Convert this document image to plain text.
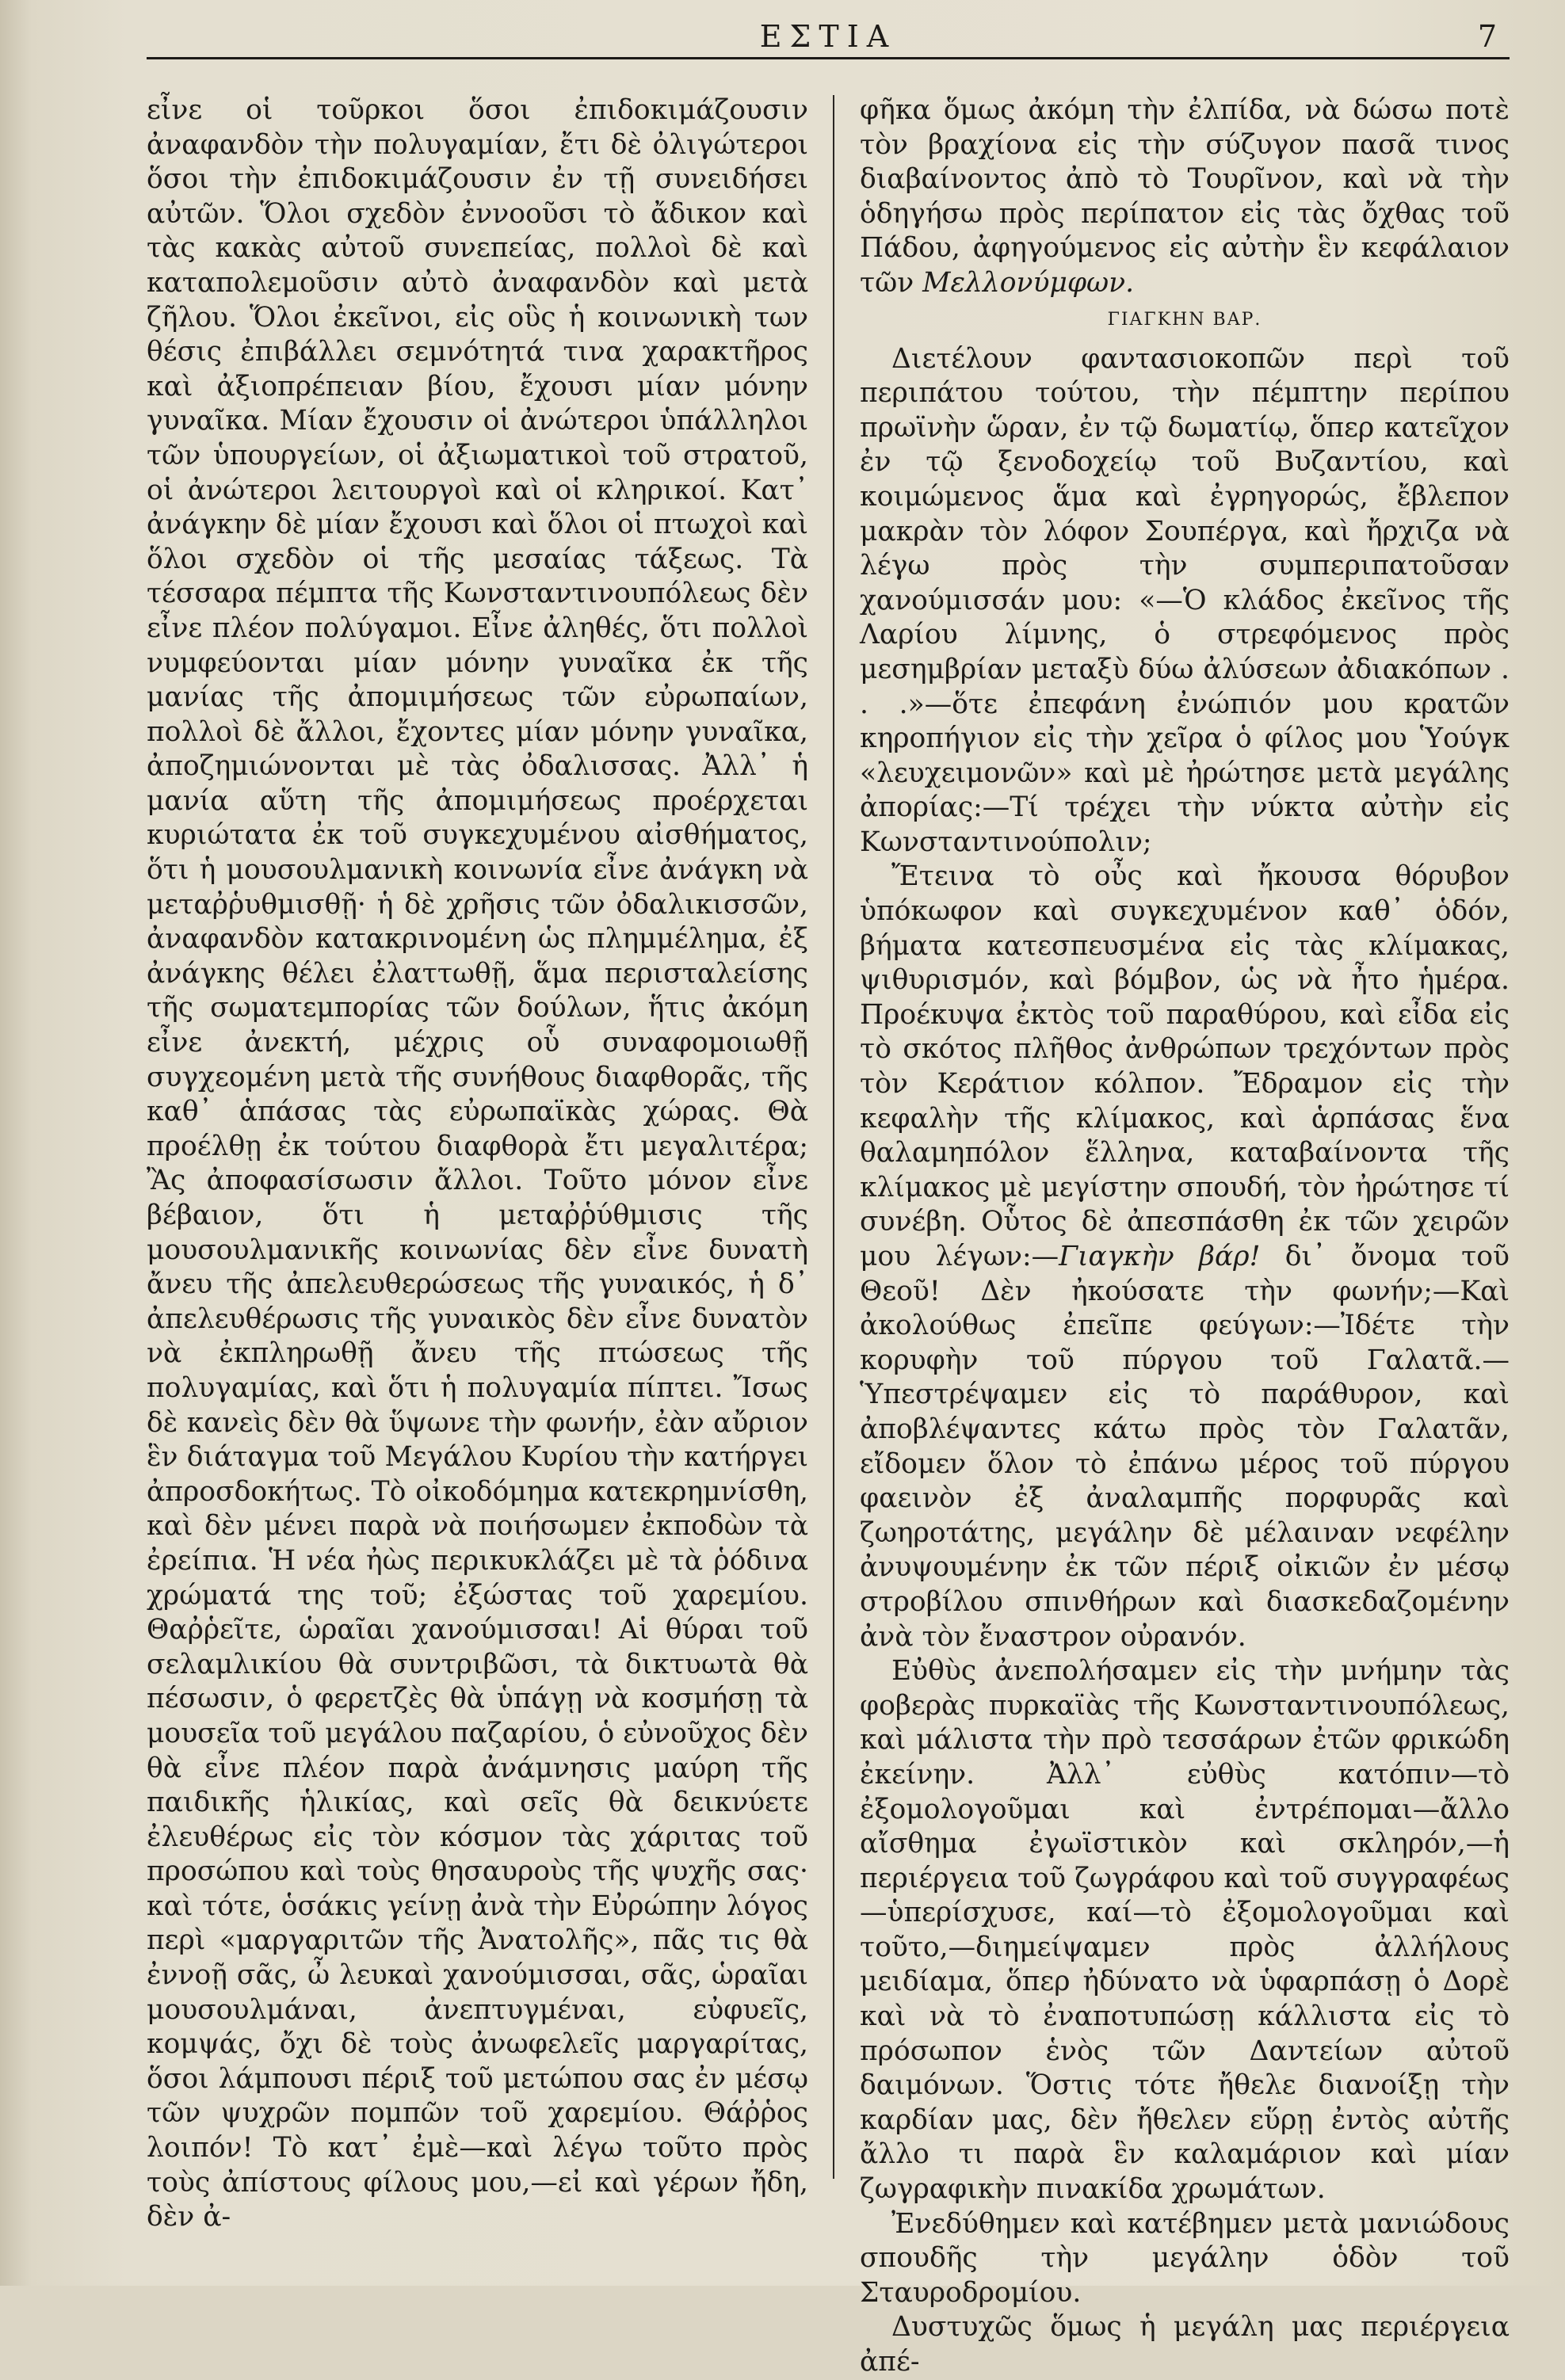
ΕΣΤΙΑ	7

εἶνε οἱ τοῦρκοι ὅσοι ἐπιδοκιμάζουσιν ἀναφανδὸν τὴν πολυγαμίαν, ἔτι δὲ ὀλιγώτεροι ὅσοι τὴν ἐπιδοκιμάζουσιν ἐν τῇ συνειδήσει αὐτῶν. Ὅλοι σχεδὸν ἐννοοῦσι τὸ ἄδικον καὶ τὰς κακὰς αὐτοῦ συνεπείας, πολλοὶ δὲ καὶ καταπολεμοῦσιν αὐτὸ ἀναφανδὸν καὶ μετὰ ζῆλου. Ὅλοι ἐκεῖνοι, εἰς οὓς ἡ κοινωνικὴ των θέσις ἐπιβάλλει σεμνότητά τινα χαρακτῆρος καὶ ἀξιοπρέπειαν βίου, ἔχουσι μίαν μόνην γυναῖκα. Μίαν ἔχουσιν οἱ ἀνώτεροι ὑπάλληλοι τῶν ὑπουργείων, οἱ ἀξιωματικοὶ τοῦ στρατοῦ, οἱ ἀνώτεροι λειτουργοὶ καὶ οἱ κληρικοί. Κατ᾽ ἀνάγκην δὲ μίαν ἔχουσι καὶ ὅλοι οἱ πτωχοὶ καὶ ὅλοι σχεδὸν οἱ τῆς μεσαίας τάξεως. Τὰ τέσσαρα πέμπτα τῆς Κωνσταντινουπόλεως δὲν εἶνε πλέον πολύγαμοι. Εἶνε ἀληθές, ὅτι πολλοὶ νυμφεύονται μίαν μόνην γυναῖκα ἐκ τῆς μανίας τῆς ἀπομιμήσεως τῶν εὐρωπαίων, πολλοὶ δὲ ἄλλοι, ἔχοντες μίαν μόνην γυναῖκα, ἀποζημιώνονται μὲ τὰς ὀδαλισσας. Ἀλλ᾽ ἡ μανία αὕτη τῆς ἀπομιμήσεως προέρχεται κυριώτατα ἐκ τοῦ συγκεχυμένου αἰσθήματος, ὅτι ἡ μουσουλμανικὴ κοινωνία εἶνε ἀνάγκη νὰ μεταῤῥυθμισθῇ· ἡ δὲ χρῆσις τῶν ὀδαλικισσῶν, ἀναφανδὸν κατακρινομένη ὡς πλημμέλημα, ἐξ ἀνάγκης θέλει ἐλαττωθῇ, ἅμα περισταλείσης τῆς σωματεμπορίας τῶν δούλων, ἥτις ἀκόμη εἶνε ἀνεκτή, μέχρις οὗ συναφομοιωθῇ συγχεομένη μετὰ τῆς συνήθους διαφθορᾶς, τῆς καθ᾽ ἁπάσας τὰς εὐρωπαϊκὰς χώρας. Θὰ προέλθῃ ἐκ τούτου διαφθορὰ ἔτι μεγαλιτέρα; Ἂς ἀποφασίσωσιν ἄλλοι. Τοῦτο μόνον εἶνε βέβαιον, ὅτι ἡ μεταῤῥύθμισις τῆς μουσουλμανικῆς κοινωνίας δὲν εἶνε δυνατὴ ἄνευ τῆς ἀπελευθερώσεως τῆς γυναικός, ἡ δ᾽ ἀπελευθέρωσις τῆς γυναικὸς δὲν εἶνε δυνατὸν νὰ ἐκπληρωθῇ ἄνευ τῆς πτώσεως τῆς πολυγαμίας, καὶ ὅτι ἡ πολυγαμία πίπτει. Ἴσως δὲ κανεὶς δὲν θὰ ὕψωνε τὴν φωνήν, ἐὰν αὔριον ἓν διάταγμα τοῦ Μεγάλου Κυρίου τὴν κατήργει ἀπροσδοκήτως. Τὸ οἰκοδόμημα κατεκρημνίσθη, καὶ δὲν μένει παρὰ νὰ ποιήσωμεν ἐκποδὼν τὰ ἐρείπια. Ἡ νέα ἠὼς περικυκλάζει μὲ τὰ ῥόδινα χρώματά της τοῦ; ἐξώστας τοῦ χαρεμίου. Θαῤῥεῖτε, ὡραῖαι χανούμισσαι! Αἱ θύραι τοῦ σελαμλικίου θὰ συντριβῶσι, τὰ δικτυωτὰ θὰ πέσωσιν, ὁ φερετζὲς θὰ ὑπάγῃ νὰ κοσμήσῃ τὰ μουσεῖα τοῦ μεγάλου παζαρίου, ὁ εὐνοῦχος δὲν θὰ εἶνε πλέον παρὰ ἀνάμνησις μαύρη τῆς παιδικῆς ἡλικίας, καὶ σεῖς θὰ δεικνύετε ἐλευθέρως εἰς τὸν κόσμον τὰς χάριτας τοῦ προσώπου καὶ τοὺς θησαυροὺς τῆς ψυχῆς σας· καὶ τότε, ὁσάκις γείνῃ ἀνὰ τὴν Εὐρώπην λόγος περὶ «μαργαριτῶν τῆς Ἀνατολῆς», πᾶς τις θὰ ἐννοῇ σᾶς, ὦ λευκαὶ χανούμισσαι, σᾶς, ὡραῖαι μουσουλμάναι, ἀνεπτυγμέναι, εὐφυεῖς, κομψάς, ὄχι δὲ τοὺς ἀνωφελεῖς μαργαρίτας, ὅσοι λάμπουσι πέριξ τοῦ μετώπου σας ἐν μέσῳ τῶν ψυχρῶν πομπῶν τοῦ χαρεμίου. Θάῤῥος λοιπόν! Τὸ κατ᾽ ἐμὲ—καὶ λέγω τοῦτο πρὸς τοὺς ἀπίστους φίλους μου,—εἰ καὶ γέρων ἤδη, δὲν ἀ-

φῆκα ὅμως ἀκόμη τὴν ἐλπίδα, νὰ δώσω ποτὲ τὸν βραχίονα εἰς τὴν σύζυγον πασᾶ τινος διαβαίνοντος ἀπὸ τὸ Τουρῖνον, καὶ νὰ τὴν ὁδηγήσω πρὸς περίπατον εἰς τὰς ὄχθας τοῦ Πάδου, ἀφηγούμενος εἰς αὐτὴν ἓν κεφάλαιον τῶν Μελλονύμφων.

ΓΙΑΓΚΗΝ ΒΑΡ.

Διετέλουν φαντασιοκοπῶν περὶ τοῦ περιπάτου τούτου, τὴν πέμπτην περίπου πρωϊνὴν ὥραν, ἐν τῷ δωματίῳ, ὅπερ κατεῖχον ἐν τῷ ξενοδοχείῳ τοῦ Βυζαντίου, καὶ κοιμώμενος ἅμα καὶ ἐγρηγορώς, ἔβλεπον μακρὰν τὸν λόφον Σουπέργα, καὶ ἤρχιζα νὰ λέγω πρὸς τὴν συμπεριπατοῦσαν χανούμισσάν μου: «—Ὁ κλάδος ἐκεῖνος τῆς Λαρίου λίμνης, ὁ στρεφόμενος πρὸς μεσημβρίαν μεταξὺ δύω ἀλύσεων ἀδιακόπων . . .»—ὅτε ἐπεφάνη ἐνώπιόν μου κρατῶν κηροπήγιον εἰς τὴν χεῖρα ὁ φίλος μου Ὑούγκ «λευχειμονῶν» καὶ μὲ ἠρώτησε μετὰ μεγάλης ἀπορίας:—Τί τρέχει τὴν νύκτα αὐτὴν εἰς Κωνσταντινούπολιν;

Ἔτεινα τὸ οὖς καὶ ἤκουσα θόρυβον ὑπόκωφον καὶ συγκεχυμένον καθ᾽ ὁδόν, βήματα κατεσπευσμένα εἰς τὰς κλίμακας, ψιθυρισμόν, καὶ βόμβον, ὡς νὰ ἦτο ἡμέρα. Προέκυψα ἐκτὸς τοῦ παραθύρου, καὶ εἶδα εἰς τὸ σκότος πλῆθος ἀνθρώπων τρεχόντων πρὸς τὸν Κεράτιον κόλπον. Ἔδραμον εἰς τὴν κεφαλὴν τῆς κλίμακος, καὶ ἁρπάσας ἕνα θαλαμηπόλον ἕλληνα, καταβαίνοντα τῆς κλίμακος μὲ μεγίστην σπουδή, τὸν ἠρώτησε τί συνέβη. Οὗτος δὲ ἀπεσπάσθη ἐκ τῶν χειρῶν μου λέγων:—Γιαγκὴν βάρ! δι᾽ ὄνομα τοῦ Θεοῦ! Δὲν ἠκούσατε τὴν φωνήν;—Καὶ ἀκολούθως ἐπεῖπε φεύγων:—Ἰδέτε τὴν κορυφὴν τοῦ πύργου τοῦ Γαλατᾶ.—Ὑπεστρέψαμεν εἰς τὸ παράθυρον, καὶ ἀποβλέψαντες κάτω πρὸς τὸν Γαλατᾶν, εἴδομεν ὅλον τὸ ἐπάνω μέρος τοῦ πύργου φαεινὸν ἐξ ἀναλαμπῆς πορφυρᾶς καὶ ζωηροτάτης, μεγάλην δὲ μέλαιναν νεφέλην ἀνυψουμένην ἐκ τῶν πέριξ οἰκιῶν ἐν μέσῳ στροβίλου σπινθήρων καὶ διασκεδαζομένην ἀνὰ τὸν ἔναστρον οὐρανόν.

Εὐθὺς ἀνεπολήσαμεν εἰς τὴν μνήμην τὰς φοβερὰς πυρκαϊὰς τῆς Κωνσταντινουπόλεως, καὶ μάλιστα τὴν πρὸ τεσσάρων ἐτῶν φρικώδη ἐκείνην. Ἀλλ᾽ εὐθὺς κατόπιν—τὸ ἐξομολογοῦμαι καὶ ἐντρέπομαι—ἄλλο αἴσθημα ἐγωϊστικὸν καὶ σκληρόν,—ἡ περιέργεια τοῦ ζωγράφου καὶ τοῦ συγγραφέως—ὑπερίσχυσε, καί—τὸ ἐξομολογοῦμαι καὶ τοῦτο,—διημείψαμεν πρὸς ἀλλήλους μειδίαμα, ὅπερ ἠδύνατο νὰ ὑφαρπάσῃ ὁ Δορὲ καὶ νὰ τὸ ἐναποτυπώσῃ κάλλιστα εἰς τὸ πρόσωπον ἑνὸς τῶν Δαντείων αὐτοῦ δαιμόνων. Ὅστις τότε ἤθελε διανοίξῃ τὴν καρδίαν μας, δὲν ἤθελεν εὕρῃ ἐντὸς αὐτῆς ἄλλο τι παρὰ ἓν καλαμάριον καὶ μίαν ζωγραφικὴν πινακίδα χρωμάτων.

Ἐνεδύθημεν καὶ κατέβημεν μετὰ μανιώδους σπουδῆς τὴν μεγάλην ὁδὸν τοῦ Σταυροδρομίου.

Δυστυχῶς ὅμως ἡ μεγάλη μας περιέργεια ἀπέ-
